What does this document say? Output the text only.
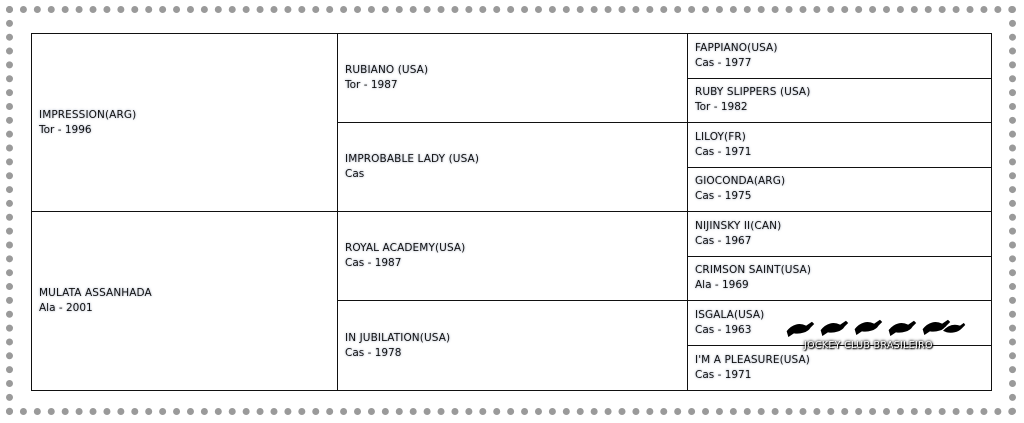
IMPRESSION(ARG)
Tor - 1996
MULATA ASSANHADA
Ala - 2001
RUBIANO (USA)
Tor - 1987
IMPROBABLE LADY (USA)
Cas
ROYAL ACADEMY(USA)
Cas - 1987
IN JUBILATION(USA)
Cas - 1978
FAPPIANO(USA)
Cas - 1977
RUBY SLIPPERS (USA)
Tor - 1982
LILOY(FR)
Cas - 1971
GIOCONDA(ARG)
Cas - 1975
NIJINSKY II(CAN)
Cas - 1967
CRIMSON SAINT(USA)
Ala - 1969
ISGALA(USA)
Cas - 1963
I'M A PLEASURE(USA)
Cas - 1971
JOCKEY CLUB BRASILEIRO
